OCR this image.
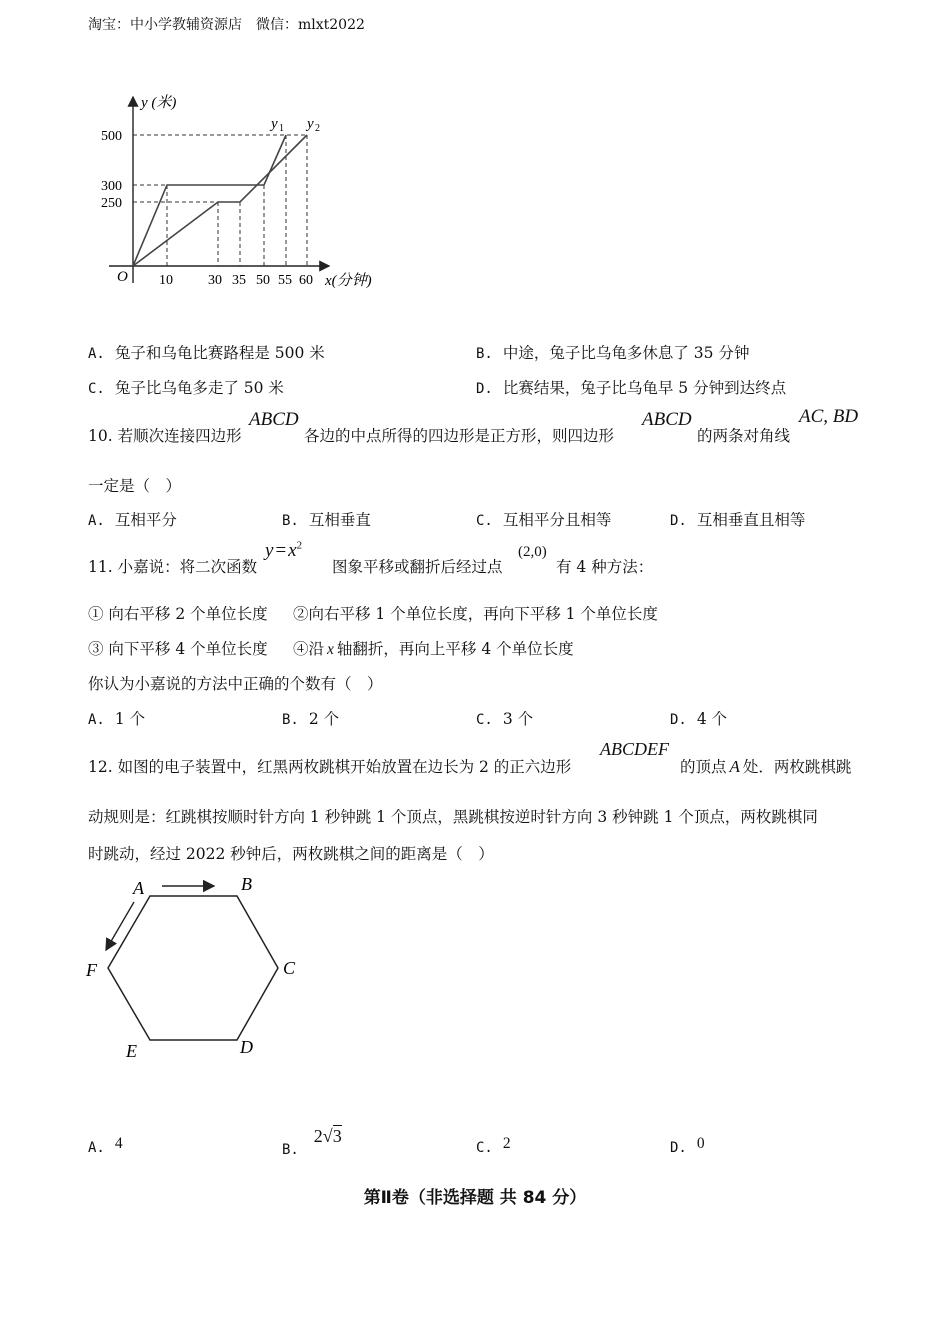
淘宝：中小学教辅资源店　微信：mlxt2022
y (米)
x(分钟)
O
500
300
250
10	30 35 50 55 60
y 1 y 2
A. 兔子和乌龟比赛路程是 500 米	B. 中途，兔子比乌龟多休息了 35 分钟
C. 兔子比乌龟多走了 50 米	D. 比赛结果，兔子比乌龟早 5 分钟到达终点
10. 若顺次连接四边形
ABCD
各边的中点所得的四边形是正方形，则四边形
ABCD
的两条对角线
AC, BD
一定是（　）
A. 互相平分	B. 互相垂直	C. 互相平分且相等	D. 互相垂直且相等
11. 小嘉说：将二次函数
$y = x^2$
图象平移或翻折后经过点
(2,0)
有 4 种方法：
① 向右平移 2 个单位长度 ②向右平移 1 个单位长度，再向下平移 1 个单位长度
③ 向下平移 4 个单位长度 ④沿 x 轴翻折，再向上平移 4 个单位长度
你认为小嘉说的方法中正确的个数有（　）
A. 1 个	B. 2 个	C. 3 个	D. 4 个
12. 如图的电子装置中，红黑两枚跳棋开始放置在边长为 2 的正六边形
ABCDEF
的顶点 A 处．两枚跳棋跳
动规则是：红跳棋按顺时针方向 1 秒钟跳 1 个顶点，黑跳棋按逆时针方向 3 秒钟跳 1 个顶点，两枚跳棋同
时跳动，经过 2022 秒钟后，两枚跳棋之间的距离是（　）
A	B
C
D
E
F
A. 4	B. 2√3
C. 2	D. 0
第Ⅱ卷（非选择题 共 84 分）
